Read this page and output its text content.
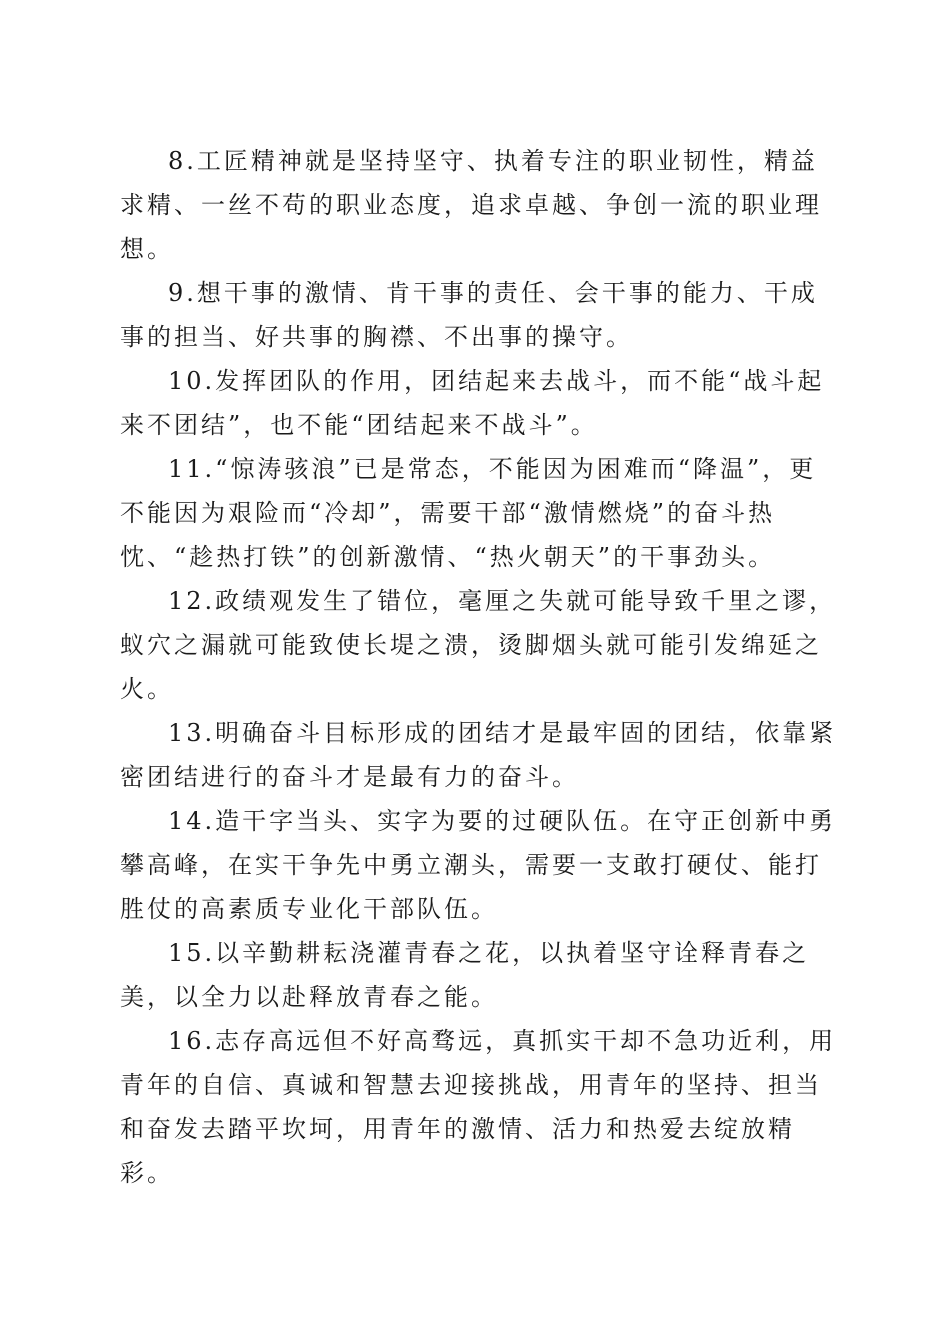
8.工匠精神就是坚持坚守、执着专注的职业韧性，精益求精、一丝不苟的职业态度，追求卓越、争创一流的职业理想。

9.想干事的激情、肯干事的责任、会干事的能力、干成事的担当、好共事的胸襟、不出事的操守。

10.发挥团队的作用，团结起来去战斗，而不能“战斗起来不团结”，也不能“团结起来不战斗”。

11.“惊涛骇浪”已是常态，不能因为困难而“降温”，更不能因为艰险而“冷却”，需要干部“激情燃烧”的奋斗热忱、“趁热打铁”的创新激情、“热火朝天”的干事劲头。

12.政绩观发生了错位，毫厘之失就可能导致千里之谬，蚁穴之漏就可能致使长堤之溃，烫脚烟头就可能引发绵延之火。

13.明确奋斗目标形成的团结才是最牢固的团结，依靠紧密团结进行的奋斗才是最有力的奋斗。

14.造干字当头、实字为要的过硬队伍。在守正创新中勇攀高峰，在实干争先中勇立潮头，需要一支敢打硬仗、能打胜仗的高素质专业化干部队伍。

15.以辛勤耕耘浇灌青春之花，以执着坚守诠释青春之美，以全力以赴释放青春之能。

16.志存高远但不好高骛远，真抓实干却不急功近利，用青年的自信、真诚和智慧去迎接挑战，用青年的坚持、担当和奋发去踏平坎坷，用青年的激情、活力和热爱去绽放精彩。
